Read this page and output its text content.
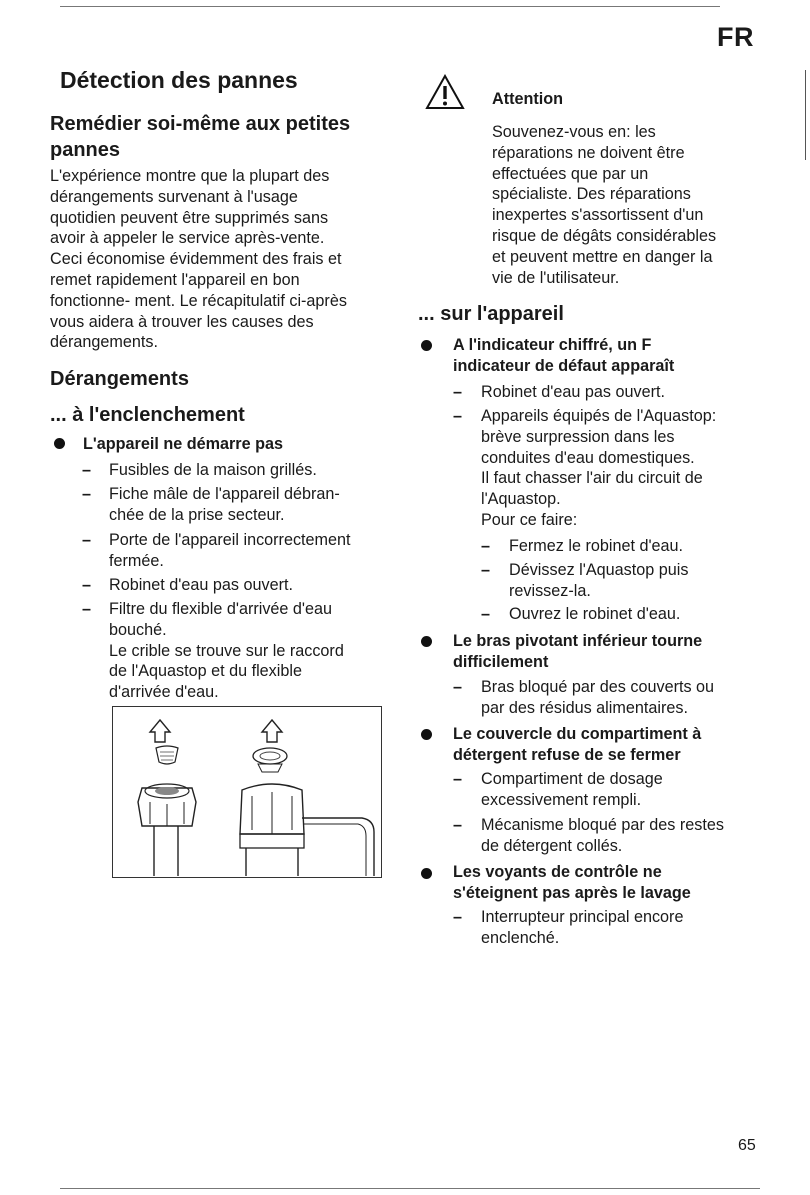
FR
Détection des pannes
Remédier soi-même aux petites pannes
L'expérience montre que la plupart des
dérangements survenant à l'usage
quotidien peuvent être supprimés sans
avoir à appeler le service après-vente.
Ceci économise évidemment des frais et
remet rapidement l'appareil en bon
fonctionne- ment. Le récapitulatif ci-après
vous aidera à trouver les causes des
dérangements.
Dérangements
... à l'enclenchement
L'appareil ne démarre pas
– Fusibles de la maison grillés.
– Fiche mâle de l'appareil débran-
chée de la prise secteur.
– Porte de l'appareil incorrectement
fermée.
– Robinet d'eau pas ouvert.
– Filtre du flexible d'arrivée d'eau
bouché.
Le crible se trouve sur le raccord
de l'Aquastop et du flexible
d'arrivée d'eau.
Attention
Souvenez-vous en: les
réparations ne doivent être
effectuées que par un
spécialiste. Des réparations
inexpertes s'assortissent d'un
risque de dégâts considérables
et peuvent mettre en danger la
vie de l'utilisateur.
... sur l'appareil
A l'indicateur chiffré, un F
indicateur de défaut apparaît
– Robinet d'eau pas ouvert.
– Appareils équipés de l'Aquastop:
brève surpression dans les
conduites d'eau domestiques.
Il faut chasser l'air du circuit de
l'Aquastop.
Pour ce faire:
– Fermez le robinet d'eau.
– Dévissez l'Aquastop puis
revissez-la.
– Ouvrez le robinet d'eau.
Le bras pivotant inférieur tourne
difficilement
– Bras bloqué par des couverts ou
par des résidus alimentaires.
Le couvercle du compartiment à
détergent refuse de se fermer
– Compartiment de dosage
excessivement rempli.
– Mécanisme bloqué par des restes
de détergent collés.
Les voyants de contrôle ne
s'éteignent pas après le lavage
– Interrupteur principal encore
enclenché.
65
